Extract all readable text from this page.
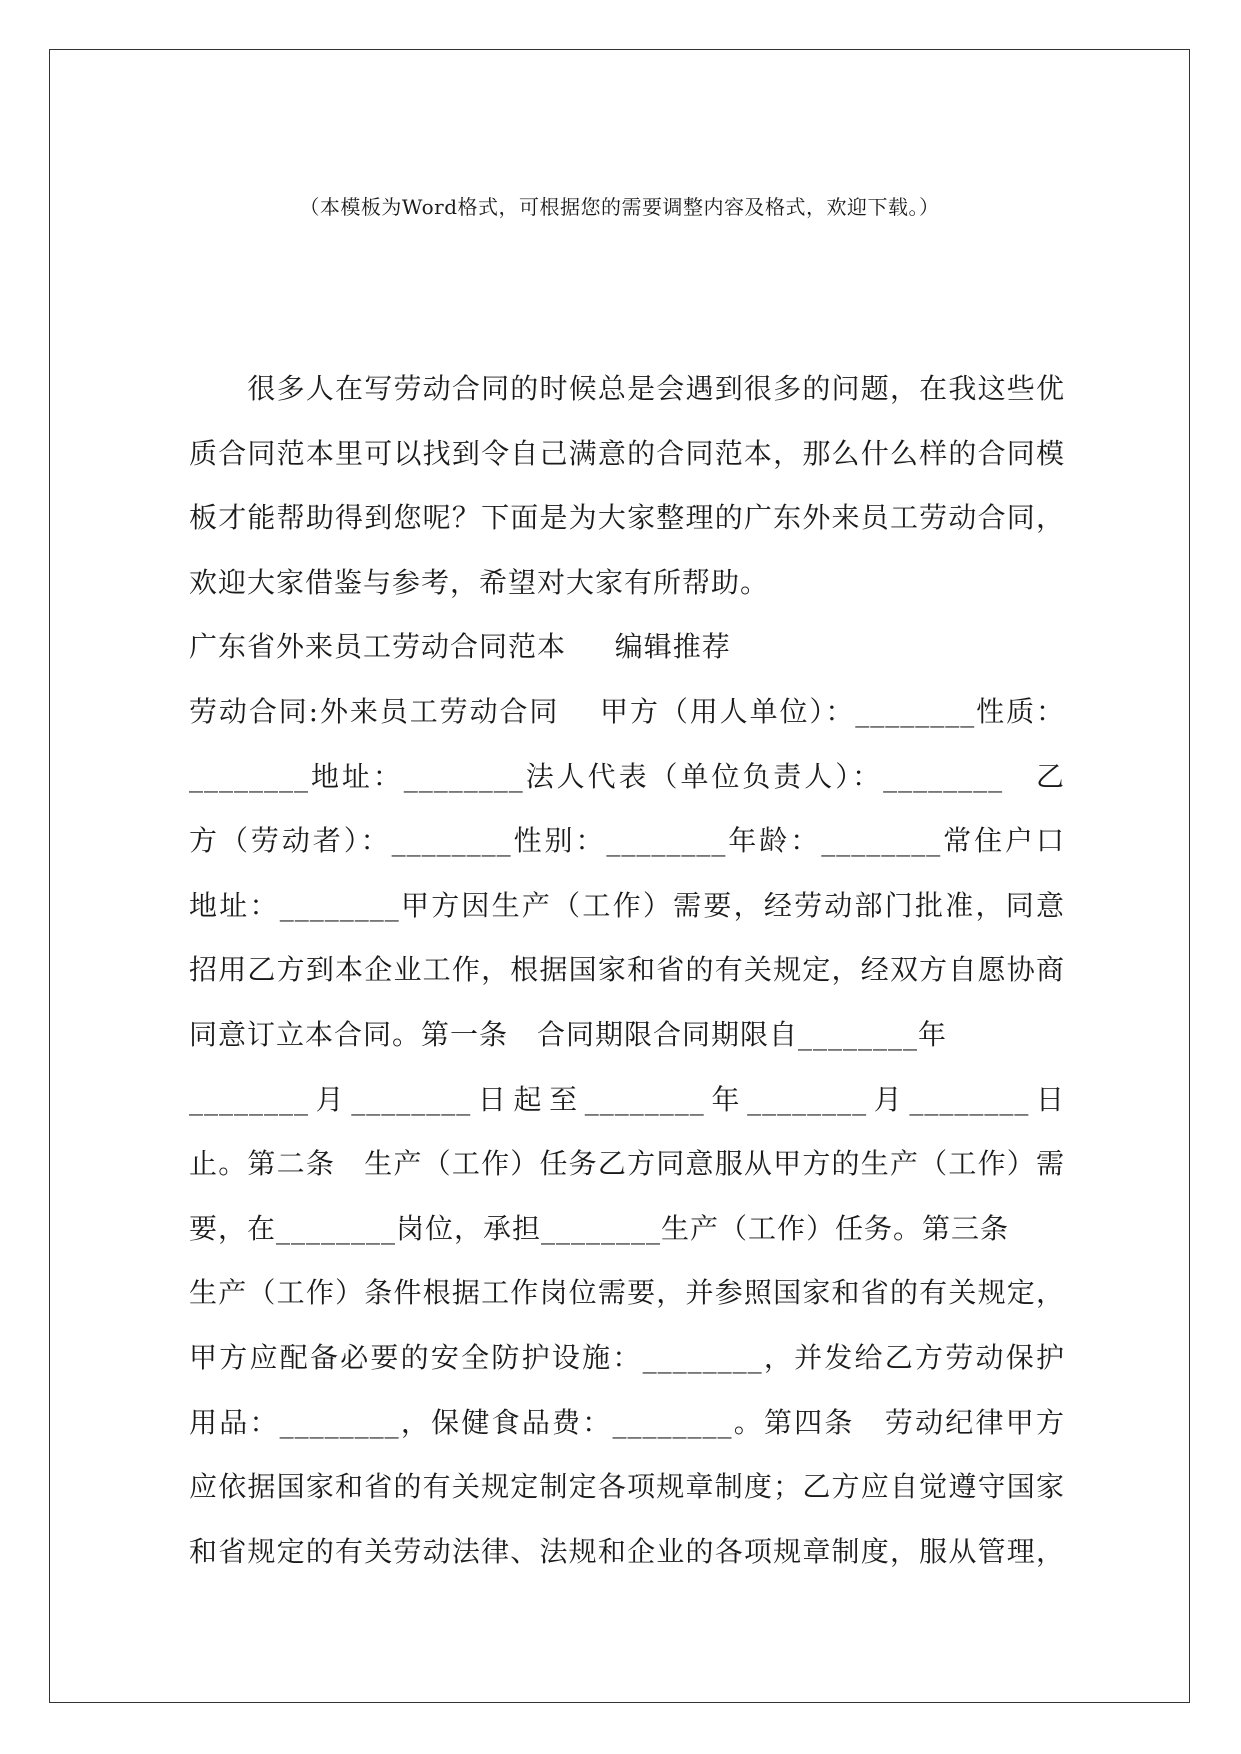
（本模板为Word格式，可根据您的需要调整内容及格式，欢迎下载。）
　　很多人在写劳动合同的时候总是会遇到很多的问题，在我这些优
质合同范本里可以找到令自己满意的合同范本，那么什么样的合同模
板才能帮助得到您呢？下面是为大家整理的广东外来员工劳动合同，
欢迎大家借鉴与参考，希望对大家有所帮助。
广东省外来员工劳动合同范本　  编辑推荐
劳动合同:外来员工劳动合同　 甲方（用人单位）：________性质：
________地址：________法人代表（单位负责人）：________　乙
方（劳动者）：________性别：________年龄：________常住户口
地址：________甲方因生产（工作）需要，经劳动部门批准，同意
招用乙方到本企业工作，根据国家和省的有关规定，经双方自愿协商
同意订立本合同。第一条　合同期限合同期限自________年
________月________日起至________年________月________日
止。第二条　生产（工作）任务乙方同意服从甲方的生产（工作）需
要，在________岗位，承担________生产（工作）任务。第三条
生产（工作）条件根据工作岗位需要，并参照国家和省的有关规定，
甲方应配备必要的安全防护设施：________，并发给乙方劳动保护
用品：________，保健食品费：________。第四条　劳动纪律甲方
应依据国家和省的有关规定制定各项规章制度；乙方应自觉遵守国家
和省规定的有关劳动法律、法规和企业的各项规章制度，服从管理，
